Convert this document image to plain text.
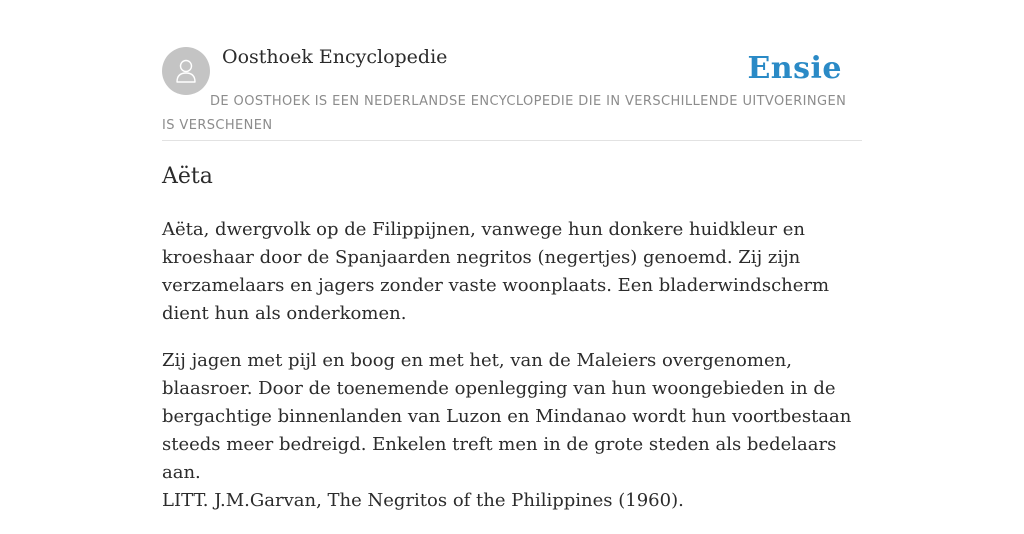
Oosthoek Encyclopedie	Ensie
DE OOSTHOEK IS EEN NEDERLANDSE ENCYCLOPEDIE DIE IN VERSCHILLENDE UITVOERINGEN IS VERSCHENEN
Aëta

Aëta, dwergvolk op de Filippijnen, vanwege hun donkere huidkleur en kroeshaar door de Spanjaarden negritos (negertjes) genoemd. Zij zijn verzamelaars en jagers zonder vaste woonplaats. Een bladerwindscherm dient hun als onderkomen.

Zij jagen met pijl en boog en met het, van de Maleiers overgenomen, blaasroer. Door de toenemende openlegging van hun woongebieden in de bergachtige binnenlanden van Luzon en Mindanao wordt hun voortbestaan steeds meer bedreigd. Enkelen treft men in de grote steden als bedelaars aan.

LITT. J.M.Garvan, The Negritos of the Philippines (1960).
